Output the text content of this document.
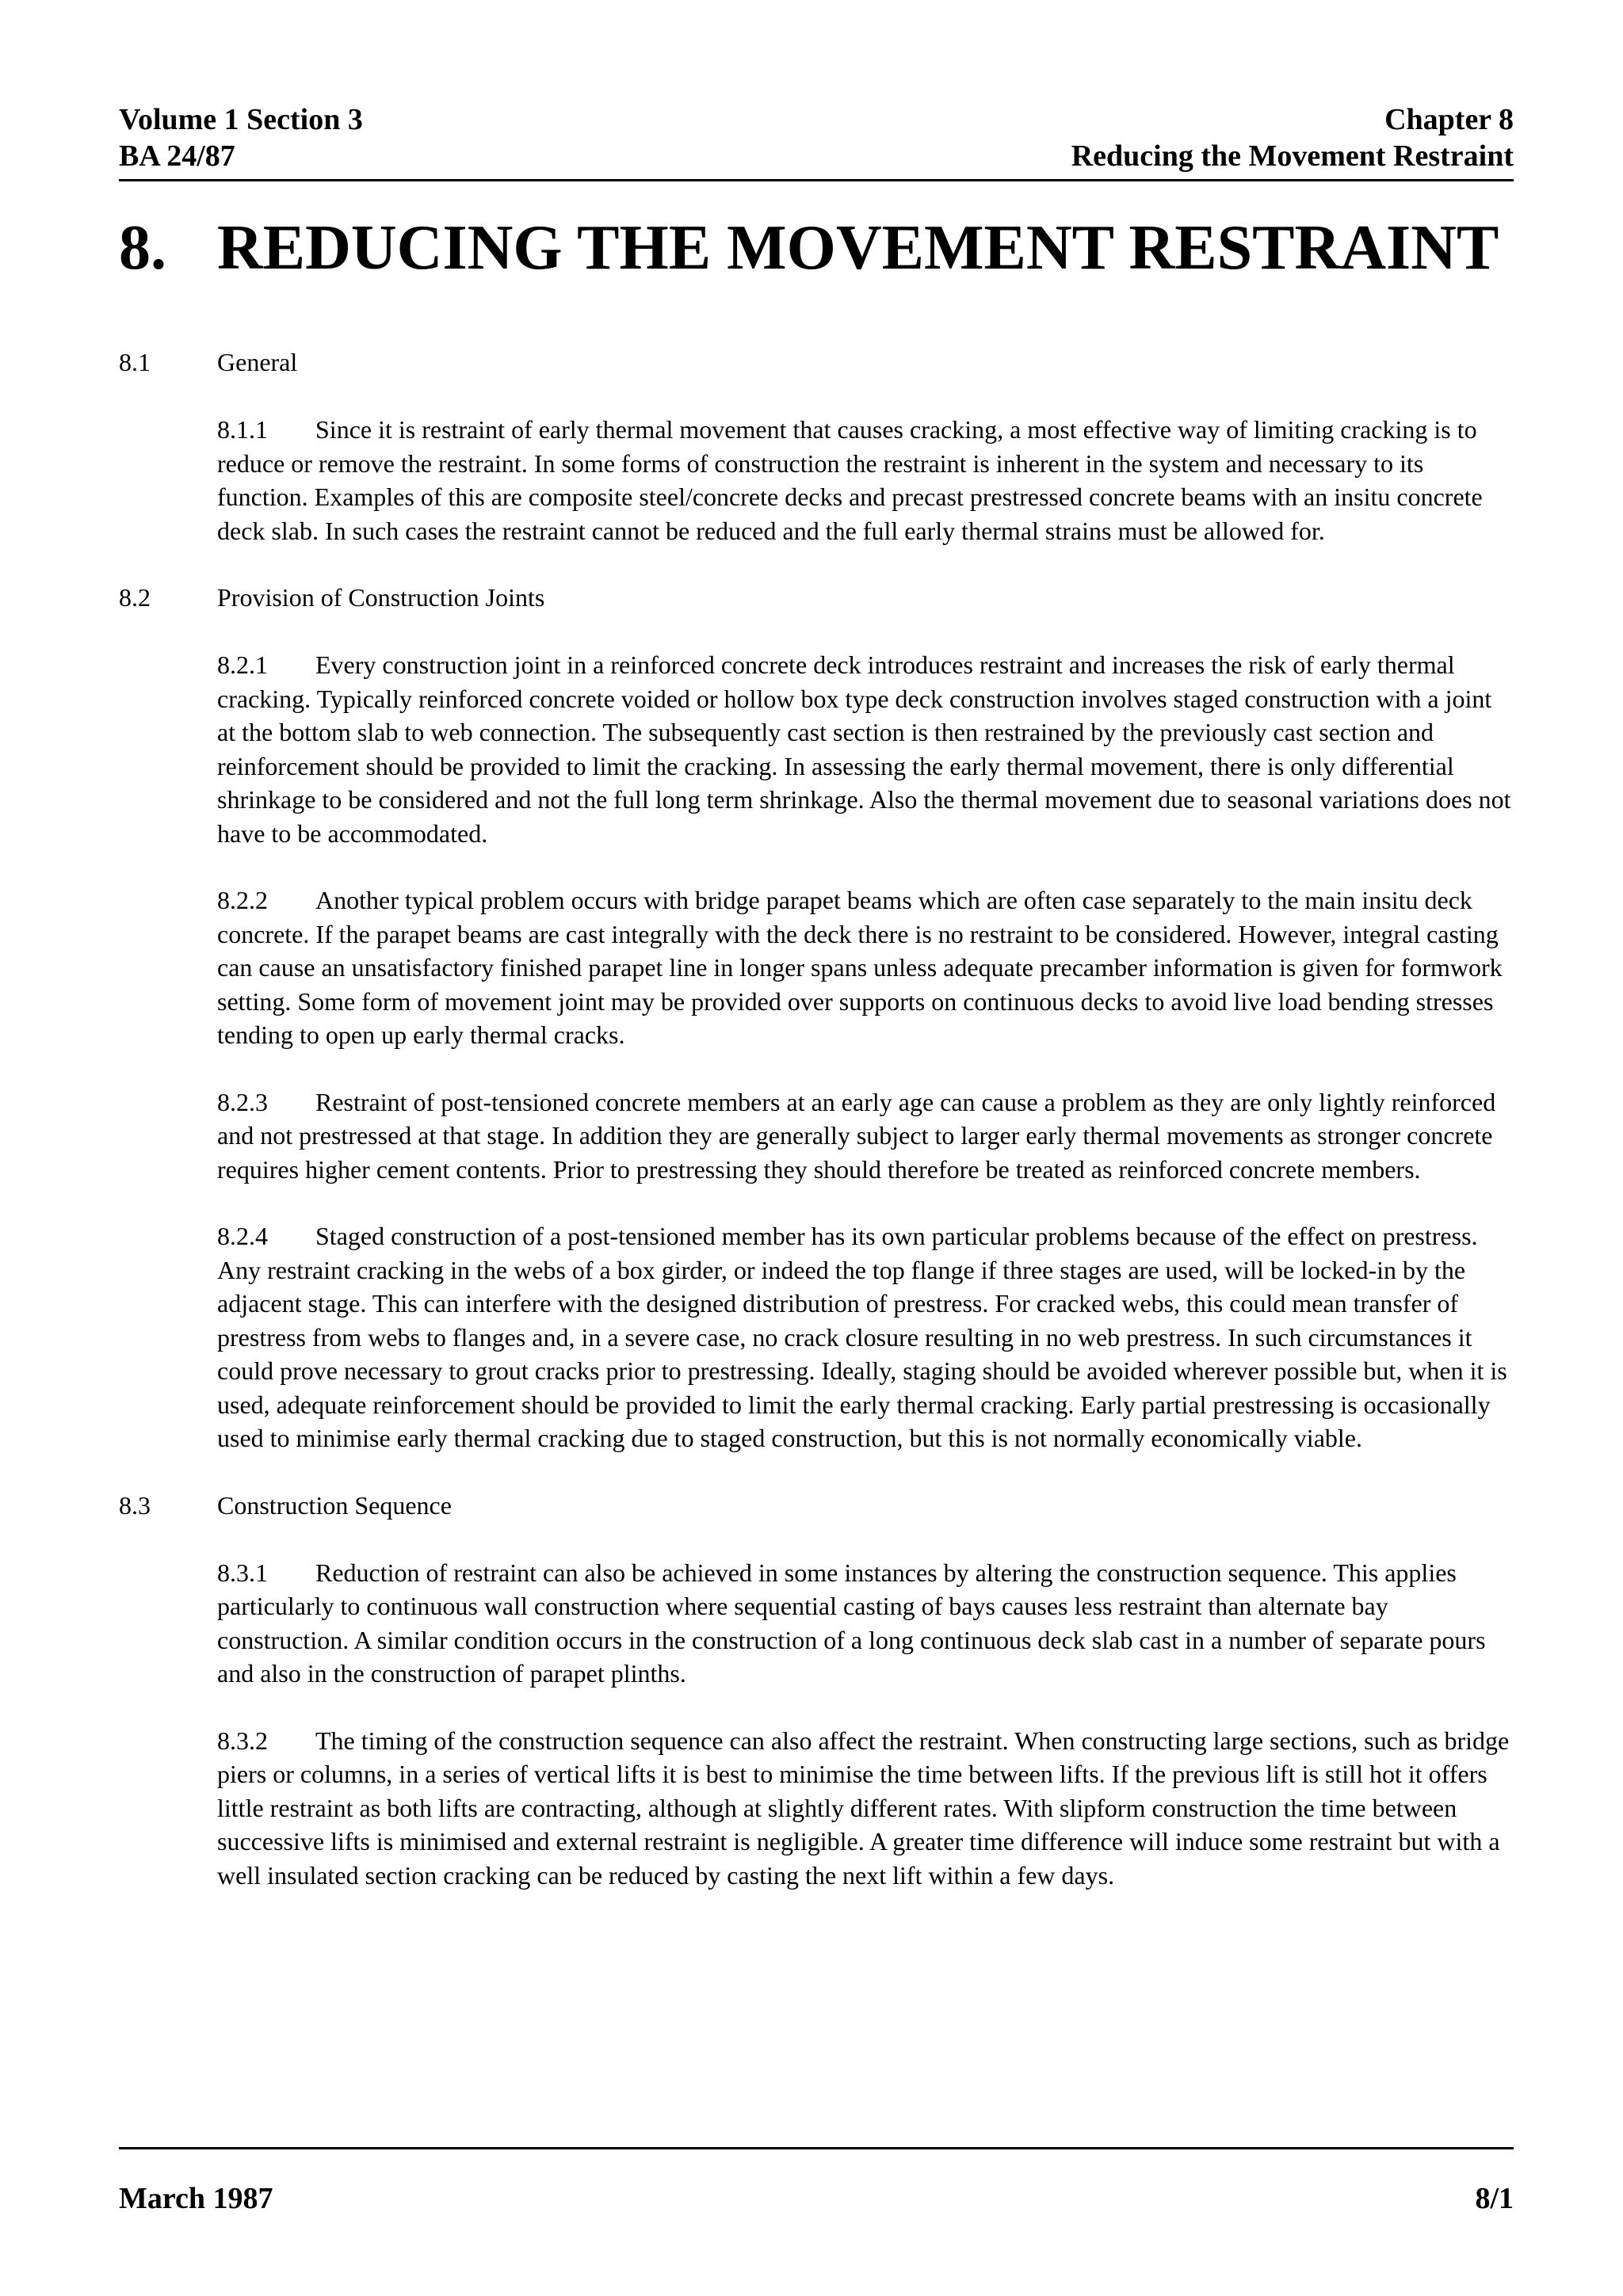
Volume 1 Section 3
BA 24/87
Chapter 8
Reducing the Movement Restraint
8. REDUCING THE MOVEMENT RESTRAINT
8.1	General
8.1.1 Since it is restraint of early thermal movement that causes cracking, a most effective way of limiting cracking is to reduce or remove the restraint. In some forms of construction the restraint is inherent in the system and necessary to its function. Examples of this are composite steel/concrete decks and precast prestressed concrete beams with an insitu concrete deck slab. In such cases the restraint cannot be reduced and the full early thermal strains must be allowed for.
8.2	Provision of Construction Joints
8.2.1 Every construction joint in a reinforced concrete deck introduces restraint and increases the risk of early thermal cracking. Typically reinforced concrete voided or hollow box type deck construction involves staged construction with a joint at the bottom slab to web connection. The subsequently cast section is then restrained by the previously cast section and reinforcement should be provided to limit the cracking. In assessing the early thermal movement, there is only differential shrinkage to be considered and not the full long term shrinkage. Also the thermal movement due to seasonal variations does not have to be accommodated.
8.2.2 Another typical problem occurs with bridge parapet beams which are often case separately to the main insitu deck concrete. If the parapet beams are cast integrally with the deck there is no restraint to be considered. However, integral casting can cause an unsatisfactory finished parapet line in longer spans unless adequate precamber information is given for formwork setting. Some form of movement joint may be provided over supports on continuous decks to avoid live load bending stresses tending to open up early thermal cracks.
8.2.3 Restraint of post-tensioned concrete members at an early age can cause a problem as they are only lightly reinforced and not prestressed at that stage. In addition they are generally subject to larger early thermal movements as stronger concrete requires higher cement contents. Prior to prestressing they should therefore be treated as reinforced concrete members.
8.2.4 Staged construction of a post-tensioned member has its own particular problems because of the effect on prestress. Any restraint cracking in the webs of a box girder, or indeed the top flange if three stages are used, will be locked-in by the adjacent stage. This can interfere with the designed distribution of prestress. For cracked webs, this could mean transfer of prestress from webs to flanges and, in a severe case, no crack closure resulting in no web prestress. In such circumstances it could prove necessary to grout cracks prior to prestressing. Ideally, staging should be avoided wherever possible but, when it is used, adequate reinforcement should be provided to limit the early thermal cracking. Early partial prestressing is occasionally used to minimise early thermal cracking due to staged construction, but this is not normally economically viable.
8.3	Construction Sequence
8.3.1 Reduction of restraint can also be achieved in some instances by altering the construction sequence. This applies particularly to continuous wall construction where sequential casting of bays causes less restraint than alternate bay construction. A similar condition occurs in the construction of a long continuous deck slab cast in a number of separate pours and also in the construction of parapet plinths.
8.3.2 The timing of the construction sequence can also affect the restraint. When constructing large sections, such as bridge piers or columns, in a series of vertical lifts it is best to minimise the time between lifts. If the previous lift is still hot it offers little restraint as both lifts are contracting, although at slightly different rates. With slipform construction the time between successive lifts is minimised and external restraint is negligible. A greater time difference will induce some restraint but with a well insulated section cracking can be reduced by casting the next lift within a few days.
March 1987	8/1
